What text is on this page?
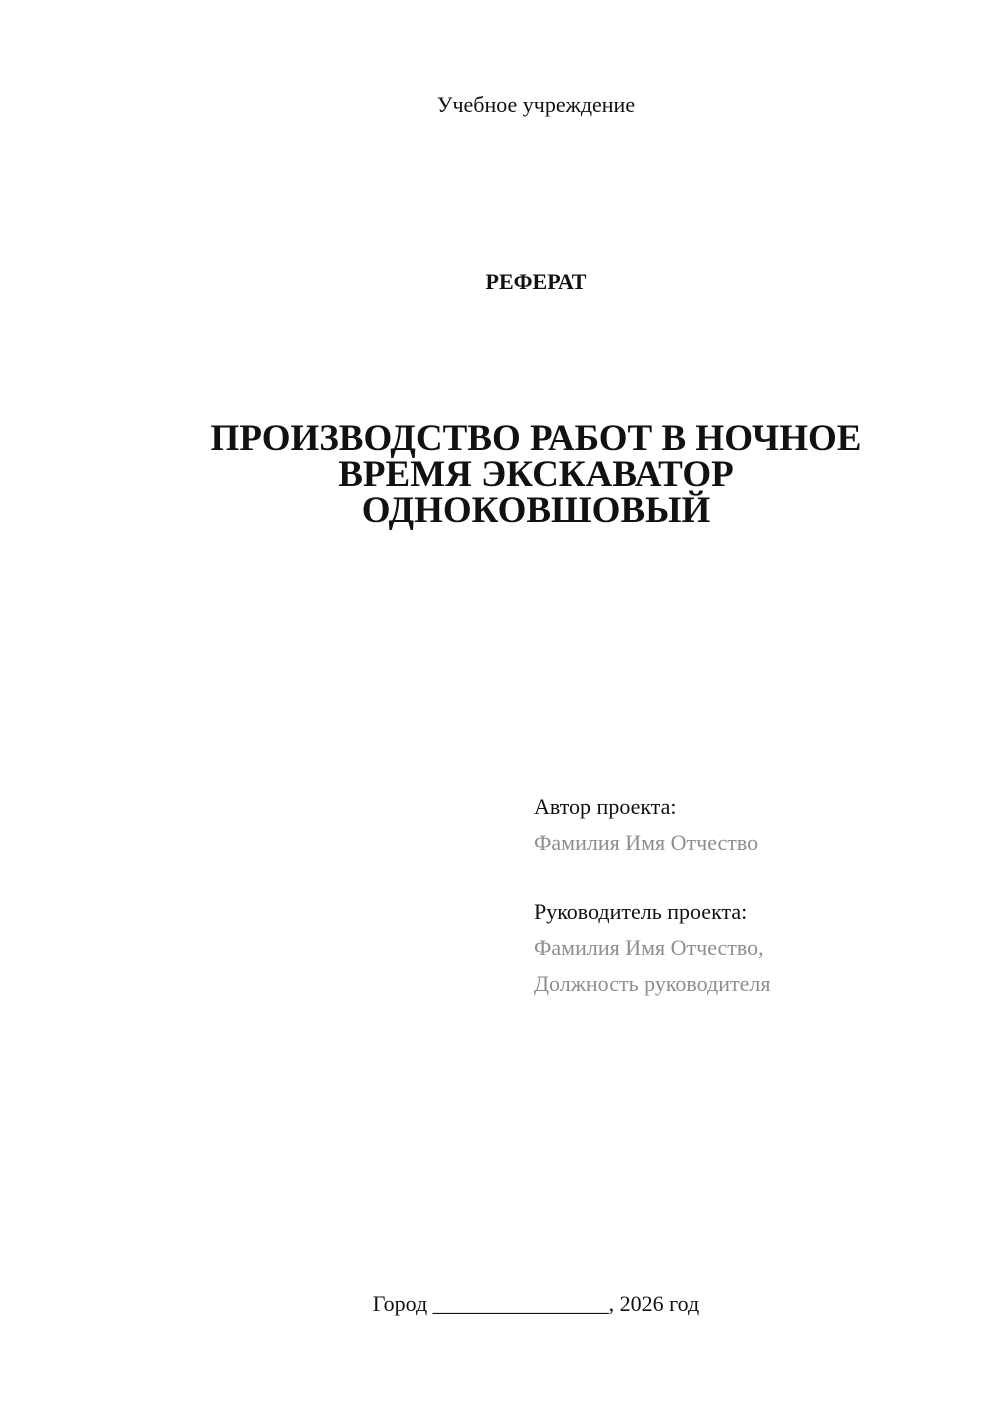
Учебное учреждение
РЕФЕРАТ
ПРОИЗВОДСТВО РАБОТ В НОЧНОЕ
ВРЕМЯ ЭКСКАВАТОР
ОДНОКОВШОВЫЙ
Автор проекта:
Фамилия Имя Отчество
Руководитель проекта:
Фамилия Имя Отчество,
Должность руководителя
Город ________________, 2026 год
